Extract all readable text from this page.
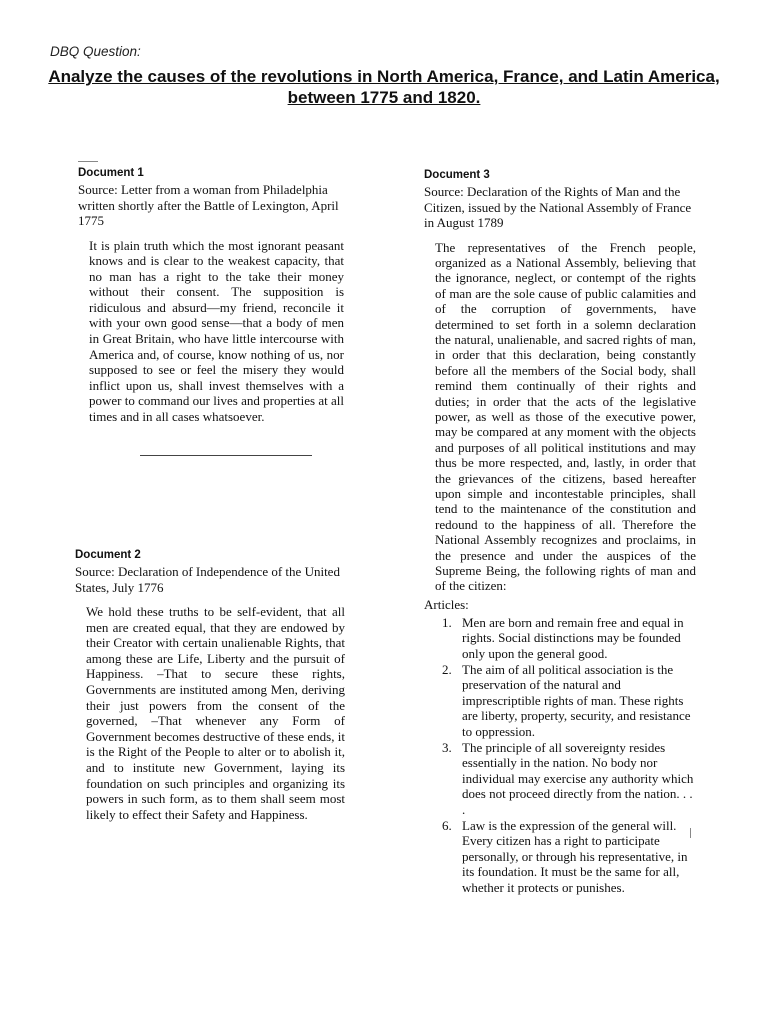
DBQ Question:
Analyze the causes of the revolutions in North America, France, and Latin America, between 1775 and 1820.
Document 1
Source: Letter from a woman from Philadelphia written shortly after the Battle of Lexington, April 1775
It is plain truth which the most ignorant peasant knows and is clear to the weakest capacity, that no man has a right to the take their money without their consent. The supposition is ridiculous and absurd—my friend, reconcile it with your own good sense—that a body of men in Great Britain, who have little intercourse with America and, of course, know nothing of us, nor supposed to see or feel the misery they would inflict upon us, shall invest themselves with a power to command our lives and properties at all times and in all cases whatsoever.
Document 2
Source: Declaration of Independence of the United States, July 1776
We hold these truths to be self-evident, that all men are created equal, that they are endowed by their Creator with certain unalienable Rights, that among these are Life, Liberty and the pursuit of Happiness. –That to secure these rights, Governments are instituted among Men, deriving their just powers from the consent of the governed, –That whenever any Form of Government becomes destructive of these ends, it is the Right of the People to alter or to abolish it, and to institute new Government, laying its foundation on such principles and organizing its powers in such form, as to them shall seem most likely to effect their Safety and Happiness.
Document 3
Source: Declaration of the Rights of Man and the Citizen, issued by the National Assembly of France in August 1789
The representatives of the French people, organized as a National Assembly, believing that the ignorance, neglect, or contempt of the rights of man are the sole cause of public calamities and of the corruption of governments, have determined to set forth in a solemn declaration the natural, unalienable, and sacred rights of man, in order that this declaration, being constantly before all the members of the Social body, shall remind them continually of their rights and duties; in order that the acts of the legislative power, as well as those of the executive power, may be compared at any moment with the objects and purposes of all political institutions and may thus be more respected, and, lastly, in order that the grievances of the citizens, based hereafter upon simple and incontestable principles, shall tend to the maintenance of the constitution and redound to the happiness of all. Therefore the National Assembly recognizes and proclaims, in the presence and under the auspices of the Supreme Being, the following rights of man and of the citizen:
Articles:
1. Men are born and remain free and equal in rights. Social distinctions may be founded only upon the general good.
2. The aim of all political association is the preservation of the natural and imprescriptible rights of man. These rights are liberty, property, security, and resistance to oppression.
3. The principle of all sovereignty resides essentially in the nation. No body nor individual may exercise any authority which does not proceed directly from the nation. . . .
6. Law is the expression of the general will. Every citizen has a right to participate personally, or through his representative, in its foundation. It must be the same for all, whether it protects or punishes.
